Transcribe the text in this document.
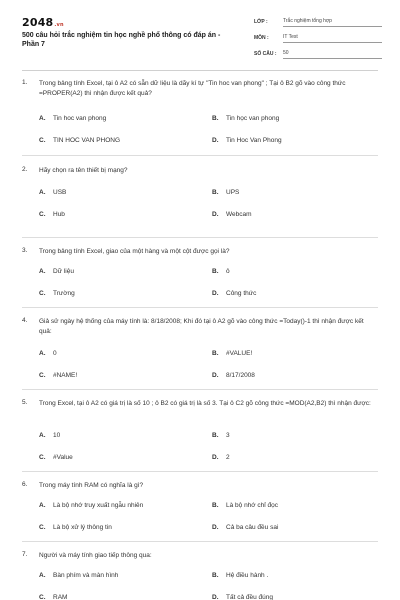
2048.vn
500 câu hỏi trắc nghiệm tin học nghề phổ thông có đáp án - Phần 7
LỚP :	Trắc nghiệm tổng hợp
MÔN :	IT Test
SỐ CÂU :	50
1. Trong bảng tính Excel, tại ô A2 có sẵn dữ liệu là dãy kí tự "Tin hoc van phong" ; Tại ô B2 gõ vào công thức =PROPER(A2) thì nhận được kết quả?
A. Tin hoc van phong	B. Tin học van phong
C. TIN HOC VAN PHONG	D. Tin Hoc Van Phong
2. Hãy chọn ra tên thiết bị mạng?
A. USB	B. UPS
C. Hub	D. Webcam
3. Trong bảng tính Excel, giao của một hàng và một cột được gọi là?
A. Dữ liệu	B. ô
C. Trường	D. Công thức
4. Giả sử ngày hệ thống của máy tính là: 8/18/2008; Khi đó tại ô A2 gõ vào công thức =Today()-1 thì nhận được kết quả:
A. 0	B. #VALUE!
C. #NAME!	D. 8/17/2008
5. Trong Excel, tại ô A2 có giá trị là số 10 ; ô B2 có giá trị là số 3. Tại ô C2 gõ công thức =MOD(A2,B2) thì nhận được:
A. 10	B. 3
C. #Value	D. 2
6. Trong máy tính RAM có nghĩa là gì?
A. Là bộ nhớ truy xuất ngẫu nhiên	B. Là bộ nhớ chỉ đọc
C. Là bộ xử lý thông tin	D. Cả ba câu đều sai
7. Người và máy tính giao tiếp thông qua:
A. Bàn phím và màn hình	B. Hệ điều hành .
C. RAM	D. Tất cả đều đúng
